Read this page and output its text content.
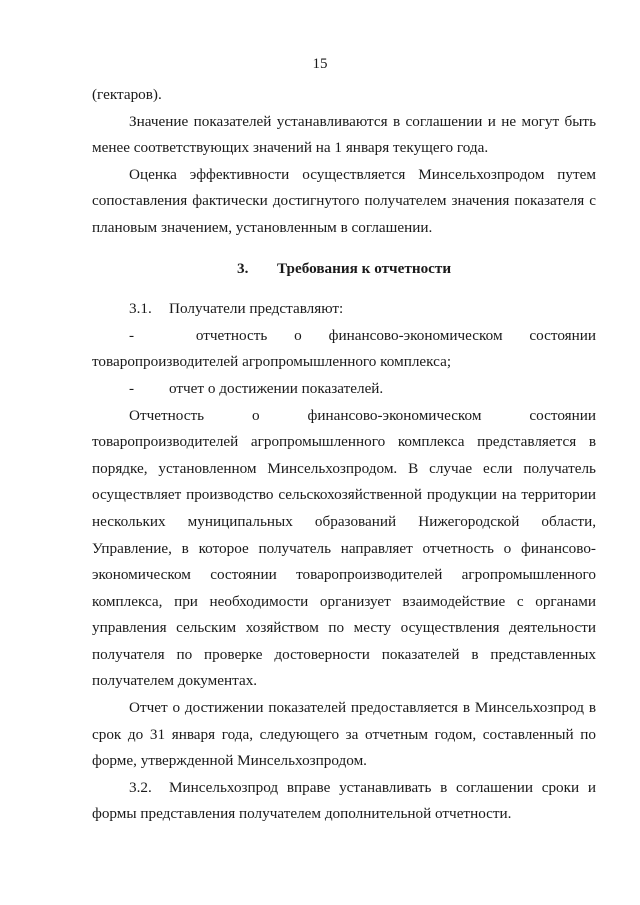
15

(гектаров).

Значение показателей устанавливаются в соглашении и не могут быть менее соответствующих значений на 1 января текущего года.

Оценка эффективности осуществляется Минсельхозпродом путем сопоставления фактически достигнутого получателем значения показателя с плановым значением, установленным в соглашении.

3. Требования к отчетности

3.1. Получатели представляют:

-	отчетность о финансово-экономическом состоянии

товаропроизводителей агропромышленного комплекса;

- отчет о достижении показателей.

Отчетность	о	финансово-экономическом	состоянии

товаропроизводителей агропромышленного комплекса представляется в порядке, установленном Минсельхозпродом. В случае если получатель осуществляет производство сельскохозяйственной продукции на территории нескольких муниципальных образований Нижегородской области, Управление, в которое получатель направляет отчетность о финансово-экономическом состоянии товаропроизводителей агропромышленного комплекса, при необходимости организует взаимодействие с органами управления сельским хозяйством по месту осуществления деятельности получателя по проверке достоверности показателей в представленных получателем документах.

Отчет о достижении показателей предоставляется в Минсельхозпрод в срок до 31 января года, следующего за отчетным годом, составленный по форме, утвержденной Минсельхозпродом.

3.2. Минсельхозпрод вправе устанавливать в соглашении сроки и формы представления получателем дополнительной отчетности.
